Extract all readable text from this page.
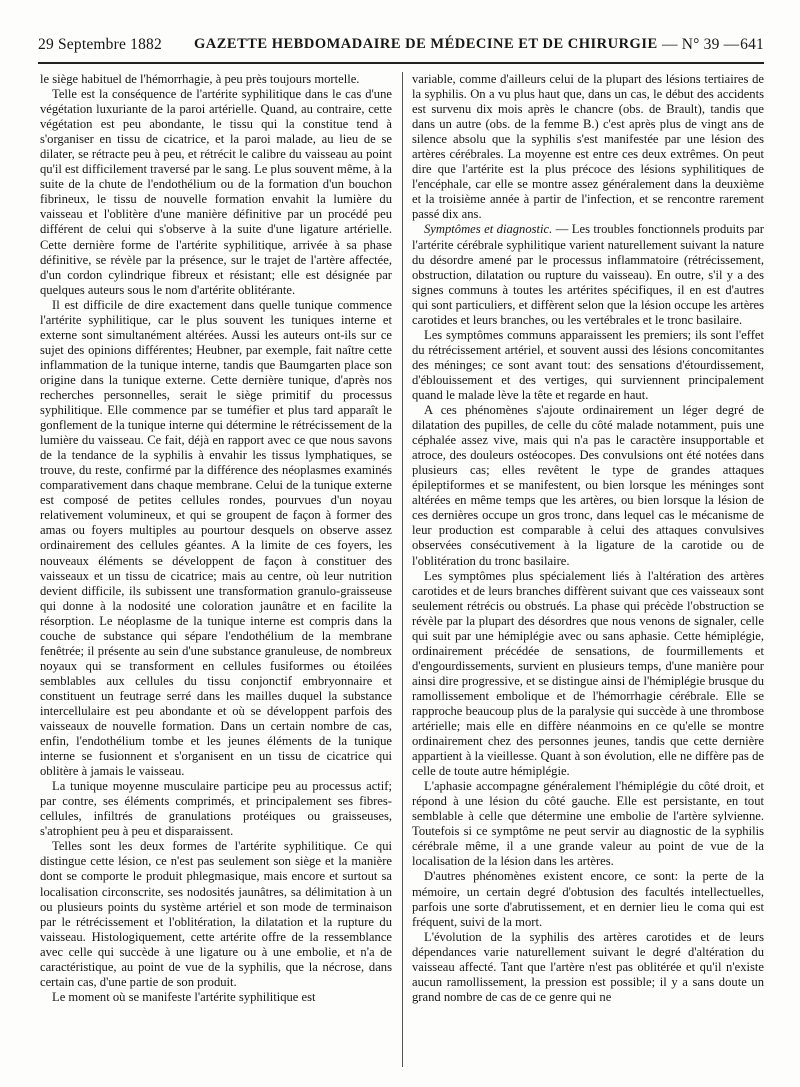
29 Septembre 1882 GAZETTE HEBDOMADAIRE DE MÉDECINE ET DE CHIRURGIE — N° 39 — 641

le siège habituel de l'hémorrhagie, à peu près toujours mortelle.

Telle est la conséquence de l'artérite syphilitique dans le cas d'une végétation luxuriante de la paroi artérielle. Quand, au contraire, cette végétation est peu abondante, le tissu qui la constitue tend à s'organiser en tissu de cicatrice, et la paroi malade, au lieu de se dilater, se rétracte peu à peu, et rétrécit le calibre du vaisseau au point qu'il est difficilement traversé par le sang. Le plus souvent même, à la suite de la chute de l'endothélium ou de la formation d'un bouchon fibrineux, le tissu de nouvelle formation envahit la lumière du vaisseau et l'oblitère d'une manière définitive par un procédé peu différent de celui qui s'observe à la suite d'une ligature artérielle. Cette dernière forme de l'artérite syphilitique, arrivée à sa phase définitive, se révèle par la présence, sur le trajet de l'artère affectée, d'un cordon cylindrique fibreux et résistant; elle est désignée par quelques auteurs sous le nom d'artérite oblitérante.

Il est difficile de dire exactement dans quelle tunique commence l'artérite syphilitique, car le plus souvent les tuniques interne et externe sont simultanément altérées. Aussi les auteurs ont-ils sur ce sujet des opinions différentes; Heubner, par exemple, fait naître cette inflammation de la tunique interne, tandis que Baumgarten place son origine dans la tunique externe. Cette dernière tunique, d'après nos recherches personnelles, serait le siège primitif du processus syphilitique. Elle commence par se tuméfier et plus tard apparaît le gonflement de la tunique interne qui détermine le rétrécissement de la lumière du vaisseau. Ce fait, déjà en rapport avec ce que nous savons de la tendance de la syphilis à envahir les tissus lymphatiques, se trouve, du reste, confirmé par la différence des néoplasmes examinés comparativement dans chaque membrane. Celui de la tunique externe est composé de petites cellules rondes, pourvues d'un noyau relativement volumineux, et qui se groupent de façon à former des amas ou foyers multiples au pourtour desquels on observe assez ordinairement des cellules géantes. A la limite de ces foyers, les nouveaux éléments se développent de façon à constituer des vaisseaux et un tissu de cicatrice; mais au centre, où leur nutrition devient difficile, ils subissent une transformation granulo-graisseuse qui donne à la nodosité une coloration jaunâtre et en facilite la résorption. Le néoplasme de la tunique interne est compris dans la couche de substance qui sépare l'endothélium de la membrane fenêtrée; il présente au sein d'une substance granuleuse, de nombreux noyaux qui se transforment en cellules fusiformes ou étoilées semblables aux cellules du tissu conjonctif embryonnaire et constituent un feutrage serré dans les mailles duquel la substance intercellulaire est peu abondante et où se développent parfois des vaisseaux de nouvelle formation. Dans un certain nombre de cas, enfin, l'endothélium tombe et les jeunes éléments de la tunique interne se fusionnent et s'organisent en un tissu de cicatrice qui oblitère à jamais le vaisseau.

La tunique moyenne musculaire participe peu au processus actif; par contre, ses éléments comprimés, et principalement ses fibres-cellules, infiltrés de granulations protéiques ou graisseuses, s'atrophient peu à peu et disparaissent.

Telles sont les deux formes de l'artérite syphilitique. Ce qui distingue cette lésion, ce n'est pas seulement son siège et la manière dont se comporte le produit phlegmasique, mais encore et surtout sa localisation circonscrite, ses nodosités jaunâtres, sa délimitation à un ou plusieurs points du système artériel et son mode de terminaison par le rétrécissement et l'oblitération, la dilatation et la rupture du vaisseau. Histologiquement, cette artérite offre de la ressemblance avec celle qui succède à une ligature ou à une embolie, et n'a de caractéristique, au point de vue de la syphilis, que la nécrose, dans certain cas, d'une partie de son produit.

Le moment où se manifeste l'artérite syphilitique est

variable, comme d'ailleurs celui de la plupart des lésions tertiaires de la syphilis. On a vu plus haut que, dans un cas, le début des accidents est survenu dix mois après le chancre (obs. de Brault), tandis que dans un autre (obs. de la femme B.) c'est après plus de vingt ans de silence absolu que la syphilis s'est manifestée par une lésion des artères cérébrales. La moyenne est entre ces deux extrêmes. On peut dire que l'artérite est la plus précoce des lésions syphilitiques de l'encéphale, car elle se montre assez généralement dans la deuxième et la troisième année à partir de l'infection, et se rencontre rarement passé dix ans.

Symptômes et diagnostic. — Les troubles fonctionnels produits par l'artérite cérébrale syphilitique varient naturellement suivant la nature du désordre amené par le processus inflammatoire (rétrécissement, obstruction, dilatation ou rupture du vaisseau). En outre, s'il y a des signes communs à toutes les artérites spécifiques, il en est d'autres qui sont particuliers, et diffèrent selon que la lésion occupe les artères carotides et leurs branches, ou les vertébrales et le tronc basilaire.

Les symptômes communs apparaissent les premiers; ils sont l'effet du rétrécissement artériel, et souvent aussi des lésions concomitantes des méninges; ce sont avant tout: des sensations d'étourdissement, d'éblouissement et des vertiges, qui surviennent principalement quand le malade lève la tête et regarde en haut.

A ces phénomènes s'ajoute ordinairement un léger degré de dilatation des pupilles, de celle du côté malade notamment, puis une céphalée assez vive, mais qui n'a pas le caractère insupportable et atroce, des douleurs ostéocopes. Des convulsions ont été notées dans plusieurs cas; elles revêtent le type de grandes attaques épileptiformes et se manifestent, ou bien lorsque les méninges sont altérées en même temps que les artères, ou bien lorsque la lésion de ces dernières occupe un gros tronc, dans lequel cas le mécanisme de leur production est comparable à celui des attaques convulsives observées consécutivement à la ligature de la carotide ou de l'oblitération du tronc basilaire.

Les symptômes plus spécialement liés à l'altération des artères carotides et de leurs branches diffèrent suivant que ces vaisseaux sont seulement rétrécis ou obstrués. La phase qui précède l'obstruction se révèle par la plupart des désordres que nous venons de signaler, celle qui suit par une hémiplégie avec ou sans aphasie. Cette hémiplégie, ordinairement précédée de sensations, de fourmillements et d'engourdissements, survient en plusieurs temps, d'une manière pour ainsi dire progressive, et se distingue ainsi de l'hémiplégie brusque du ramollissement embolique et de l'hémorrhagie cérébrale. Elle se rapproche beaucoup plus de la paralysie qui succède à une thrombose artérielle; mais elle en diffère néanmoins en ce qu'elle se montre ordinairement chez des personnes jeunes, tandis que cette dernière appartient à la vieillesse. Quant à son évolution, elle ne diffère pas de celle de toute autre hémiplégie.

L'aphasie accompagne généralement l'hémiplégie du côté droit, et répond à une lésion du côté gauche. Elle est persistante, en tout semblable à celle que détermine une embolie de l'artère sylvienne. Toutefois si ce symptôme ne peut servir au diagnostic de la syphilis cérébrale même, il a une grande valeur au point de vue de la localisation de la lésion dans les artères.

D'autres phénomènes existent encore, ce sont: la perte de la mémoire, un certain degré d'obtusion des facultés intellectuelles, parfois une sorte d'abrutissement, et en dernier lieu le coma qui est fréquent, suivi de la mort.

L'évolution de la syphilis des artères carotides et de leurs dépendances varie naturellement suivant le degré d'altération du vaisseau affecté. Tant que l'artère n'est pas oblitérée et qu'il n'existe aucun ramollissement, la pression est possible; il y a sans doute un grand nombre de cas de ce genre qui ne
